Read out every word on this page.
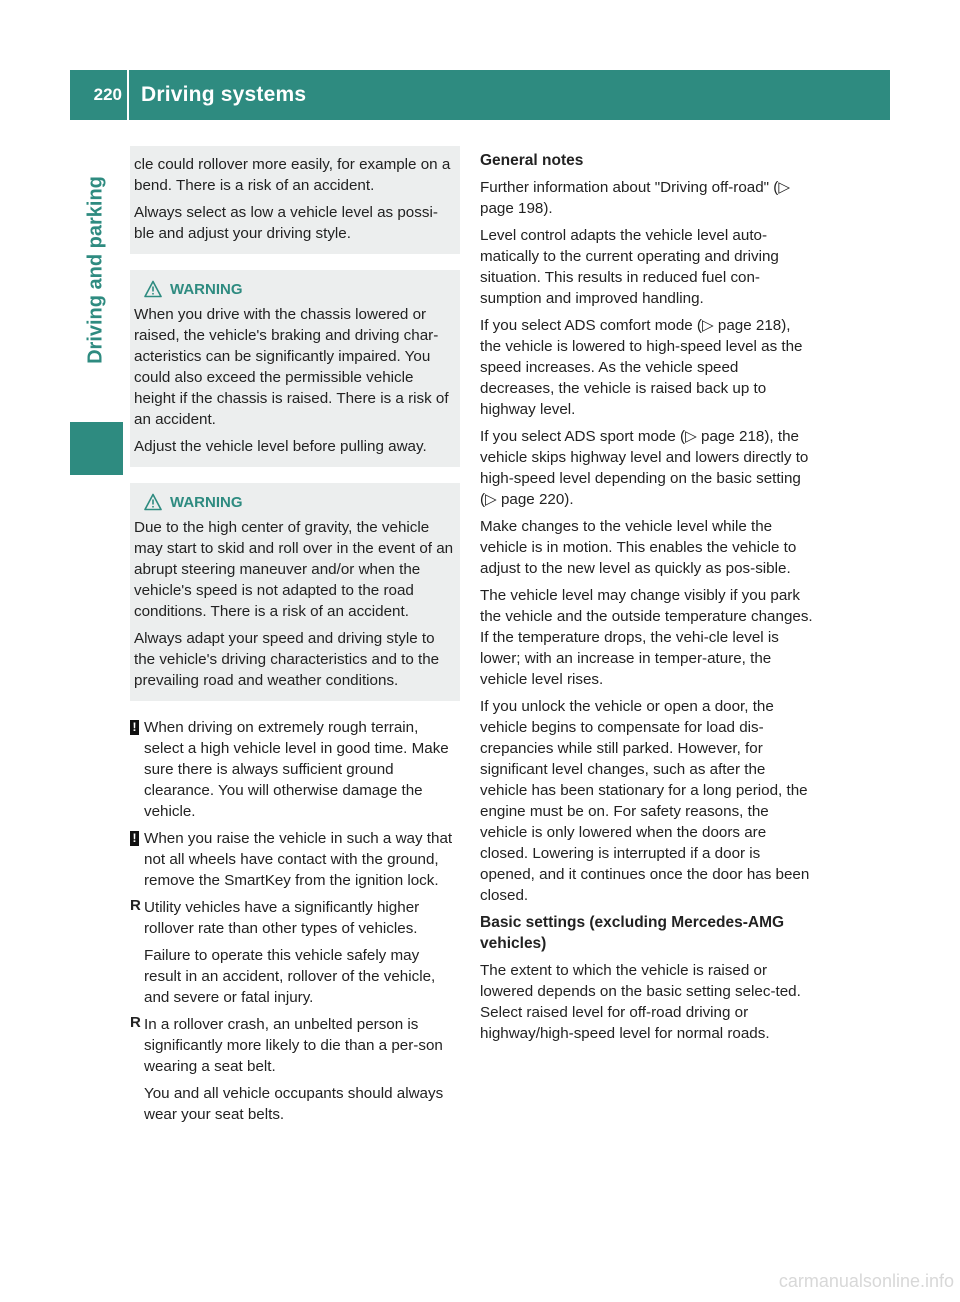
220 Driving systems
Driving and parking

cle could rollover more easily, for example on a bend. There is a risk of an accident.

Always select as low a vehicle level as possi-ble and adjust your driving style.

WARNING

When you drive with the chassis lowered or raised, the vehicle's braking and driving char-acteristics can be significantly impaired. You could also exceed the permissible vehicle height if the chassis is raised. There is a risk of an accident.

Adjust the vehicle level before pulling away.

WARNING

Due to the high center of gravity, the vehicle may start to skid and roll over in the event of an abrupt steering maneuver and/or when the vehicle's speed is not adapted to the road conditions. There is a risk of an accident.

Always adapt your speed and driving style to the vehicle's driving characteristics and to the prevailing road and weather conditions.

! When driving on extremely rough terrain, select a high vehicle level in good time. Make sure there is always sufficient ground clearance. You will otherwise damage the vehicle.

! When you raise the vehicle in such a way that not all wheels have contact with the ground, remove the SmartKey from the ignition lock.

R Utility vehicles have a significantly higher rollover rate than other types of vehicles.

Failure to operate this vehicle safely may result in an accident, rollover of the vehicle, and severe or fatal injury.

R In a rollover crash, an unbelted person is significantly more likely to die than a per-son wearing a seat belt.

You and all vehicle occupants should always wear your seat belts.

General notes

Further information about "Driving off-road" (▷ page 198).

Level control adapts the vehicle level auto-matically to the current operating and driving situation. This results in reduced fuel con-sumption and improved handling.

If you select ADS comfort mode (▷ page 218), the vehicle is lowered to high-speed level as the speed increases. As the vehicle speed decreases, the vehicle is raised back up to highway level.

If you select ADS sport mode (▷ page 218), the vehicle skips highway level and lowers directly to high-speed level depending on the basic setting (▷ page 220).

Make changes to the vehicle level while the vehicle is in motion. This enables the vehicle to adjust to the new level as quickly as pos-sible.

The vehicle level may change visibly if you park the vehicle and the outside temperature changes. If the temperature drops, the vehi-cle level is lower; with an increase in temper-ature, the vehicle level rises.

If you unlock the vehicle or open a door, the vehicle begins to compensate for load dis-crepancies while still parked. However, for significant level changes, such as after the vehicle has been stationary for a long period, the engine must be on. For safety reasons, the vehicle is only lowered when the doors are closed. Lowering is interrupted if a door is opened, and it continues once the door has been closed.

Basic settings (excluding Mercedes-AMG vehicles)

The extent to which the vehicle is raised or lowered depends on the basic setting selec-ted. Select raised level for off-road driving or highway/high-speed level for normal roads.

carmanualsonline.info
